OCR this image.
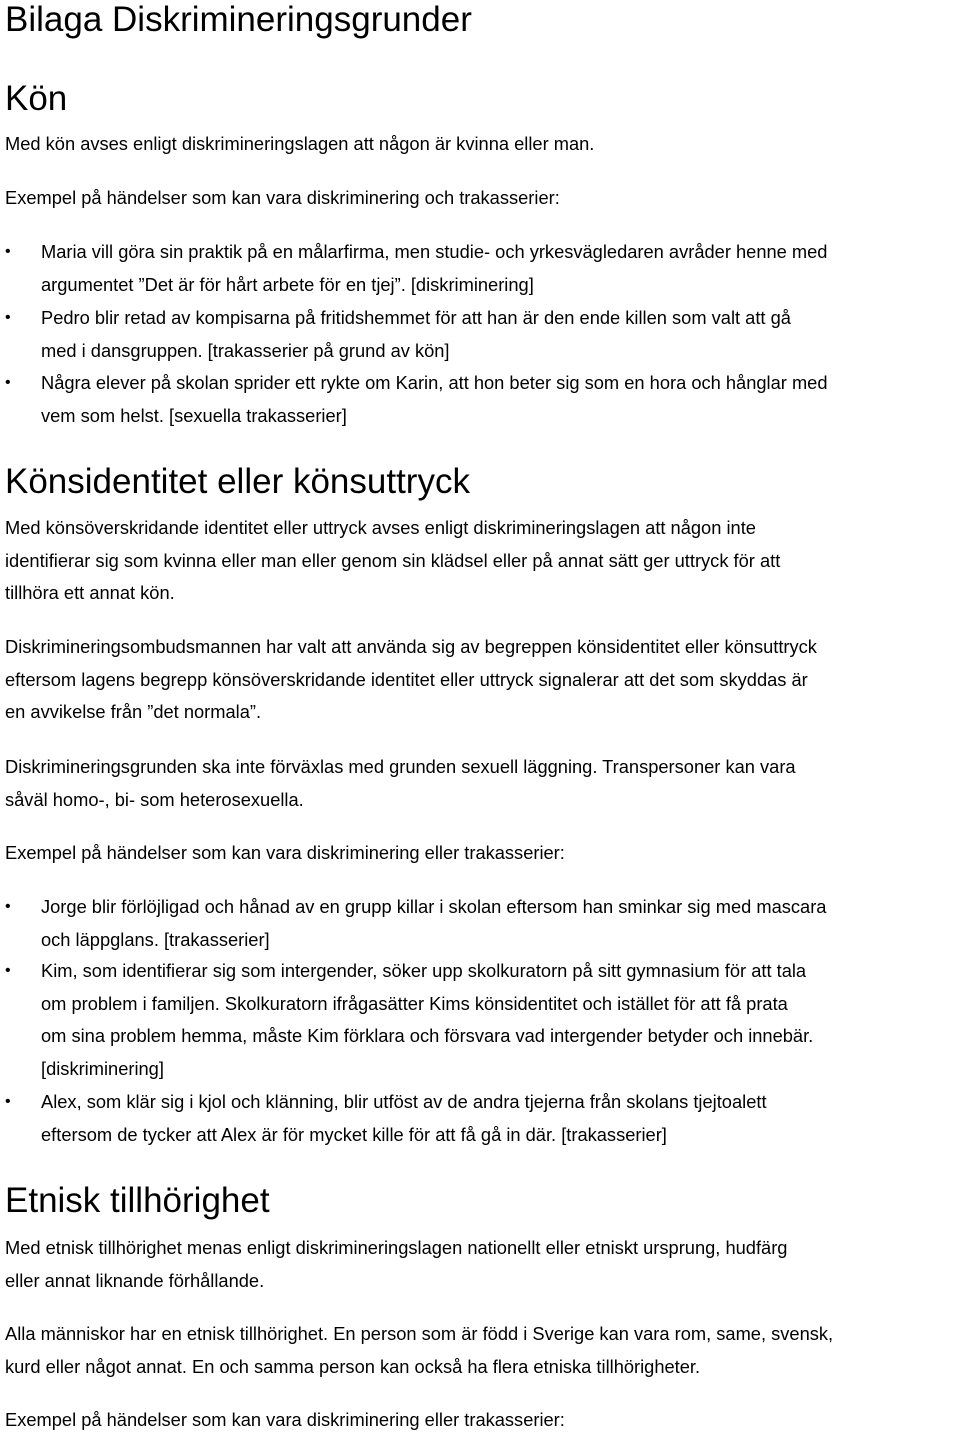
Bilaga Diskrimineringsgrunder
Kön

Med kön avses enligt diskrimineringslagen att någon är kvinna eller man.

Exempel på händelser som kan vara diskriminering och trakasserier:

• Maria vill göra sin praktik på en målarfirma, men studie- och yrkesvägledaren avråder henne med
argumentet ”Det är för hårt arbete för en tjej”. [diskriminering]
• Pedro blir retad av kompisarna på fritidshemmet för att han är den ende killen som valt att gå
med i dansgruppen. [trakasserier på grund av kön]
• Några elever på skolan sprider ett rykte om Karin, att hon beter sig som en hora och hånglar med
vem som helst. [sexuella trakasserier]
Könsidentitet eller könsuttryck

Med könsöverskridande identitet eller uttryck avses enligt diskrimineringslagen att någon inte
identifierar sig som kvinna eller man eller genom sin klädsel eller på annat sätt ger uttryck för att
tillhöra ett annat kön.

Diskrimineringsombudsmannen har valt att använda sig av begreppen könsidentitet eller könsuttryck
eftersom lagens begrepp könsöverskridande identitet eller uttryck signalerar att det som skyddas är
en avvikelse från ”det normala”.

Diskrimineringsgrunden ska inte förväxlas med grunden sexuell läggning. Transpersoner kan vara
såväl homo-, bi- som heterosexuella.

Exempel på händelser som kan vara diskriminering eller trakasserier:

• Jorge blir förlöjligad och hånad av en grupp killar i skolan eftersom han sminkar sig med mascara
och läppglans. [trakasserier]
• Kim, som identifierar sig som intergender, söker upp skolkuratorn på sitt gymnasium för att tala
om problem i familjen. Skolkuratorn ifrågasätter Kims könsidentitet och istället för att få prata
om sina problem hemma, måste Kim förklara och försvara vad intergender betyder och innebär.
[diskriminering]
• Alex, som klär sig i kjol och klänning, blir utföst av de andra tjejerna från skolans tjejtoalett
eftersom de tycker att Alex är för mycket kille för att få gå in där. [trakasserier]
Etnisk tillhörighet

Med etnisk tillhörighet menas enligt diskrimineringslagen nationellt eller etniskt ursprung, hudfärg
eller annat liknande förhållande.

Alla människor har en etnisk tillhörighet. En person som är född i Sverige kan vara rom, same, svensk,
kurd eller något annat. En och samma person kan också ha flera etniska tillhörigheter.

Exempel på händelser som kan vara diskriminering eller trakasserier:
